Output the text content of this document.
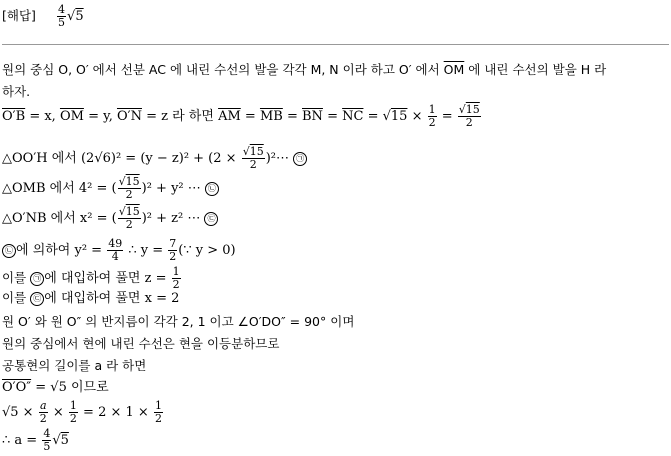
[해답] $\frac{4}{5} √5$
원의 중심 O, O′ 에서 선분 AC 에 내린 수선의 발을 각각 M, N 이라 하고 O′ 에서 $\overline{OM}$ 에 내린 수선의 발을 H 라
하자.
O′B = x, $\overline{OM} = y$, O′N = z 라 하면 $\overline{AM} = \overline{MB} = \overline{BN} = \overline{NC} = √15 \times \frac{1}{2} = \frac{√15}{2}$
△OO′H 에서 $(2√6)^2 = (y - z)^2 + (2 \times \frac{√15}{2}$ )²⋯ ㉠
△OMB 에서 4² = ( $\frac{√15}{2} )^2 + y^2$ ⋯ ㉡
△O′NB 에서 x² = ( $\frac{√15}{2} )^2 + z^2$ ⋯ ㉢
㉡ 에 의하여 $y^2 = \frac{49}{4}$ ∴ $y = \frac{7}{2}$ (∵ y > 0)
이를 ㉠ 에 대입하여 풀면 $z = \frac{1}{2}$
이를 ㉢ 에 대입하여 풀면 x = 2
원 O′ 와 원 O″ 의 반지름이 각각 2, 1 이고 ∠O′DO″ = 90° 이며
원의 중심에서 현에 내린 수선은 현을 이등분하므로
공통현의 길이를 a 라 하면
O′O″ = √5 이므로
$√5 \times \frac{a}{2} \times \frac{1}{2} = 2 \times 1 \times \frac{1}{2}$
∴ $a = \frac{4}{5} √5$
